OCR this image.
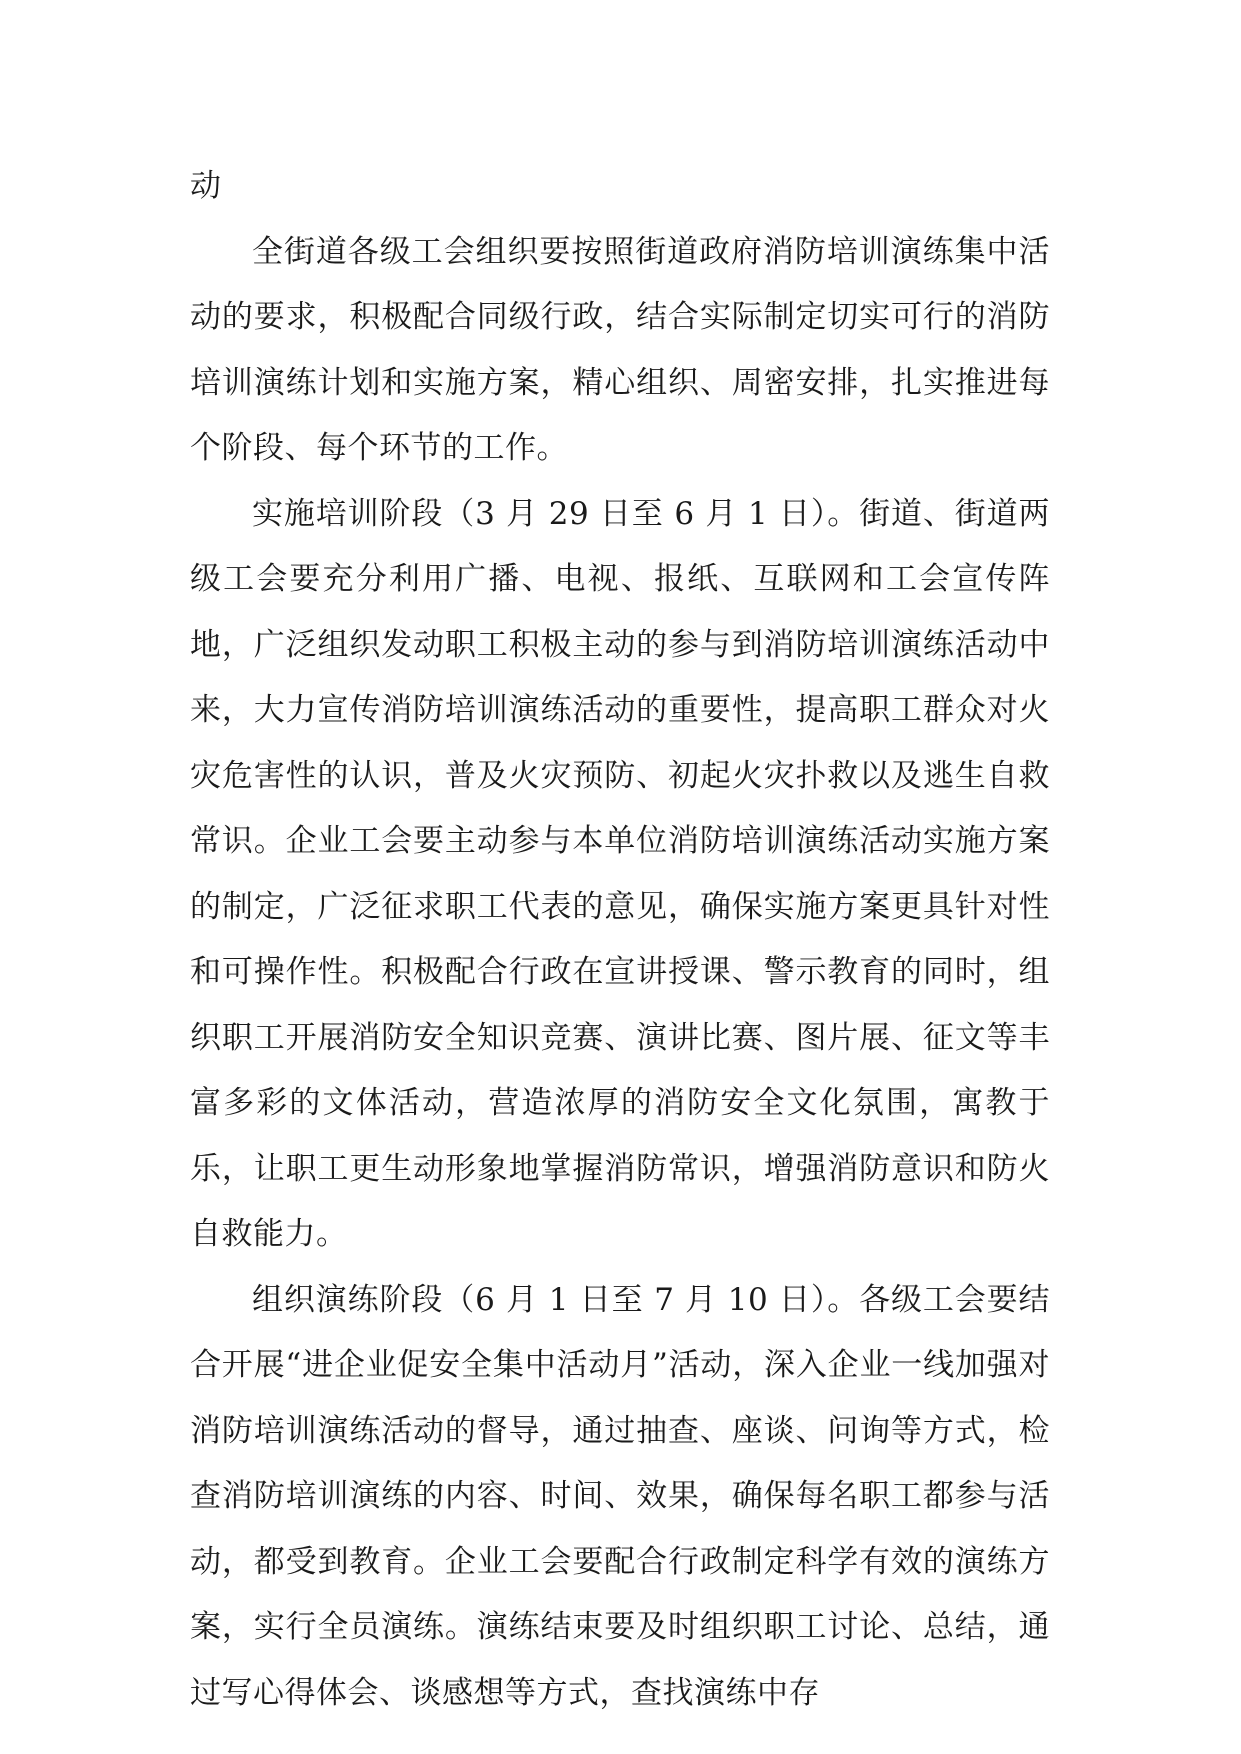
动

全街道各级工会组织要按照街道政府消防培训演练集中活动的要求，积极配合同级行政，结合实际制定切实可行的消防培训演练计划和实施方案，精心组织、周密安排，扎实推进每个阶段、每个环节的工作。

实施培训阶段（3 月 29 日至 6 月 1 日）。街道、街道两级工会要充分利用广播、电视、报纸、互联网和工会宣传阵地，广泛组织发动职工积极主动的参与到消防培训演练活动中来，大力宣传消防培训演练活动的重要性，提高职工群众对火灾危害性的认识，普及火灾预防、初起火灾扑救以及逃生自救常识。企业工会要主动参与本单位消防培训演练活动实施方案的制定，广泛征求职工代表的意见，确保实施方案更具针对性和可操作性。积极配合行政在宣讲授课、警示教育的同时，组织职工开展消防安全知识竞赛、演讲比赛、图片展、征文等丰富多彩的文体活动，营造浓厚的消防安全文化氛围，寓教于乐，让职工更生动形象地掌握消防常识，增强消防意识和防火自救能力。

组织演练阶段（6 月 1 日至 7 月 10 日）。各级工会要结合开展“进企业促安全集中活动月”活动，深入企业一线加强对消防培训演练活动的督导，通过抽查、座谈、问询等方式，检查消防培训演练的内容、时间、效果，确保每名职工都参与活动，都受到教育。企业工会要配合行政制定科学有效的演练方案，实行全员演练。演练结束要及时组织职工讨论、总结，通过写心得体会、谈感想等方式，查找演练中存
